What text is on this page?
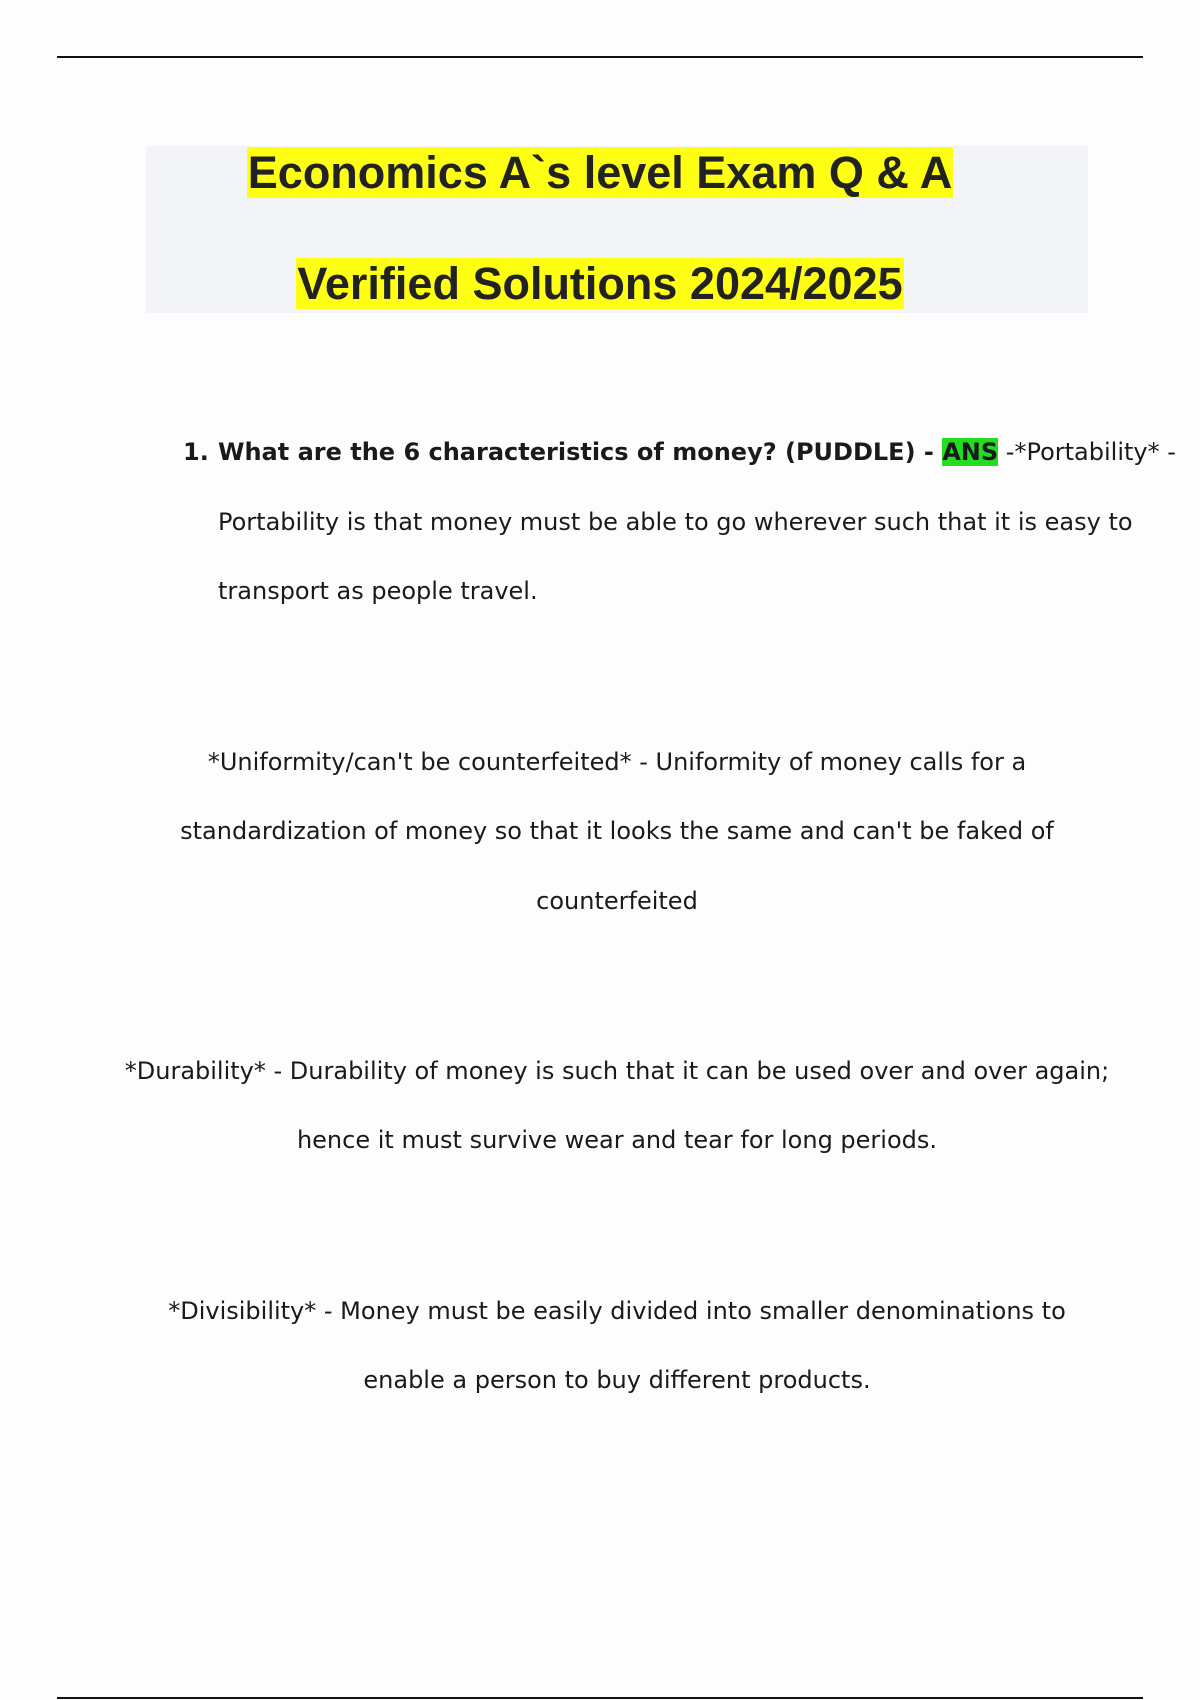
Economics A`s level Exam Q & A
Verified Solutions 2024/2025
1. What are the 6 characteristics of money? (PUDDLE) - ANS -*Portability* -
Portability is that money must be able to go wherever such that it is easy to
transport as people travel.
*Uniformity/can't be counterfeited* - Uniformity of money calls for a
standardization of money so that it looks the same and can't be faked of
counterfeited
*Durability* - Durability of money is such that it can be used over and over again;
hence it must survive wear and tear for long periods.
*Divisibility* - Money must be easily divided into smaller denominations to
enable a person to buy different products.
